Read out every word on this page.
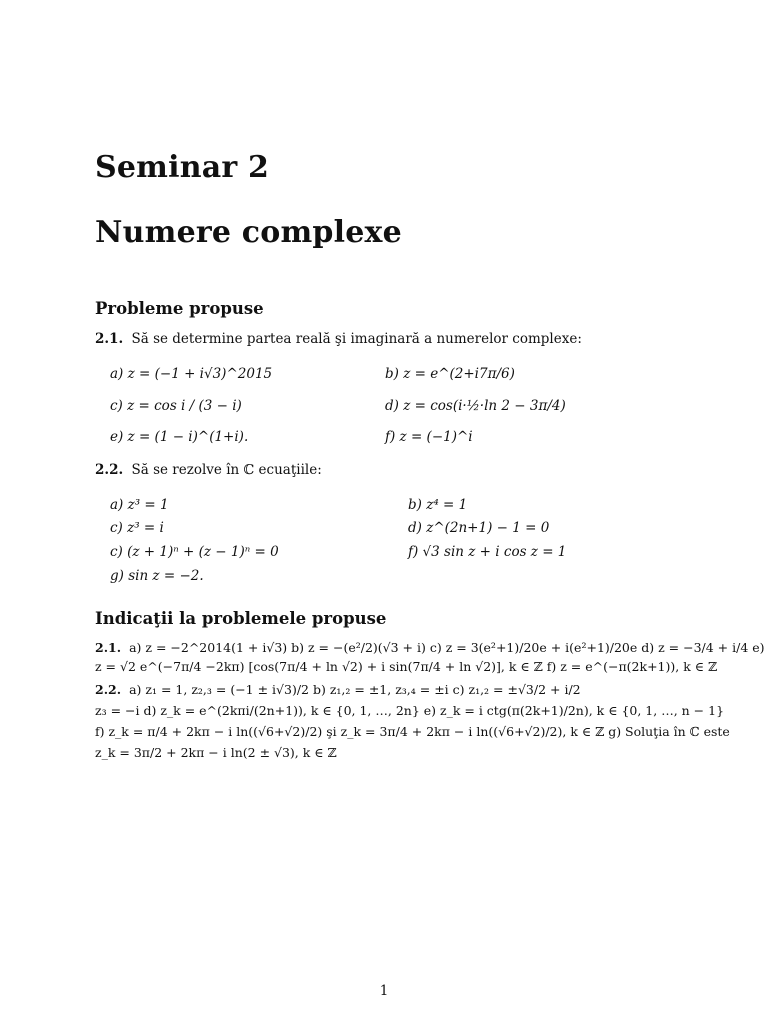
Seminar 2
Numere complexe
Probleme propuse
2.1. Să se determine partea reală şi imaginară a numerelor complexe:
a) z = (−1 + i√3)^2015	b) z = e^(2+i7π/6)
c) z = cos i / (3 − i)	d) z = cos(i·½·ln 2 − 3π/4)
e) z = (1 − i)^(1+i).	f) z = (−1)^i
2.2. Să se rezolve în ℂ ecuaţiile:
a) z³ = 1	b) z⁴ = 1
c) z³ = i	d) z^(2n+1) − 1 = 0
c) (z + 1)ⁿ + (z − 1)ⁿ = 0	f) √3 sin z + i cos z = 1
g) sin z = −2.
Indicaţii la problemele propuse
2.1. a) z = −2^2014(1 + i√3) b) z = −(e²/2)(√3 + i) c) z = 3(e²+1)/20e + i(e²+1)/20e d) z = −3/4 + i/4 e)
z = √2 e^(−7π/4 −2kπ) [cos(7π/4 + ln √2) + i sin(7π/4 + ln √2)], k ∈ ℤ f) z = e^(−π(2k+1)), k ∈ ℤ
2.2. a) z₁ = 1, z₂,₃ = (−1 ± i√3)/2 b) z₁,₂ = ±1, z₃,₄ = ±i c) z₁,₂ = ±√3/2 + i/2
z₃ = −i d) z_k = e^(2kπi/(2n+1)), k ∈ {0, 1, …, 2n} e) z_k = i ctg(π(2k+1)/2n), k ∈ {0, 1, …, n − 1}
f) z_k = π/4 + 2kπ − i ln((√6+√2)/2) şi z_k = 3π/4 + 2kπ − i ln((√6+√2)/2), k ∈ ℤ g) Soluţia în ℂ este
z_k = 3π/2 + 2kπ − i ln(2 ± √3), k ∈ ℤ
1
